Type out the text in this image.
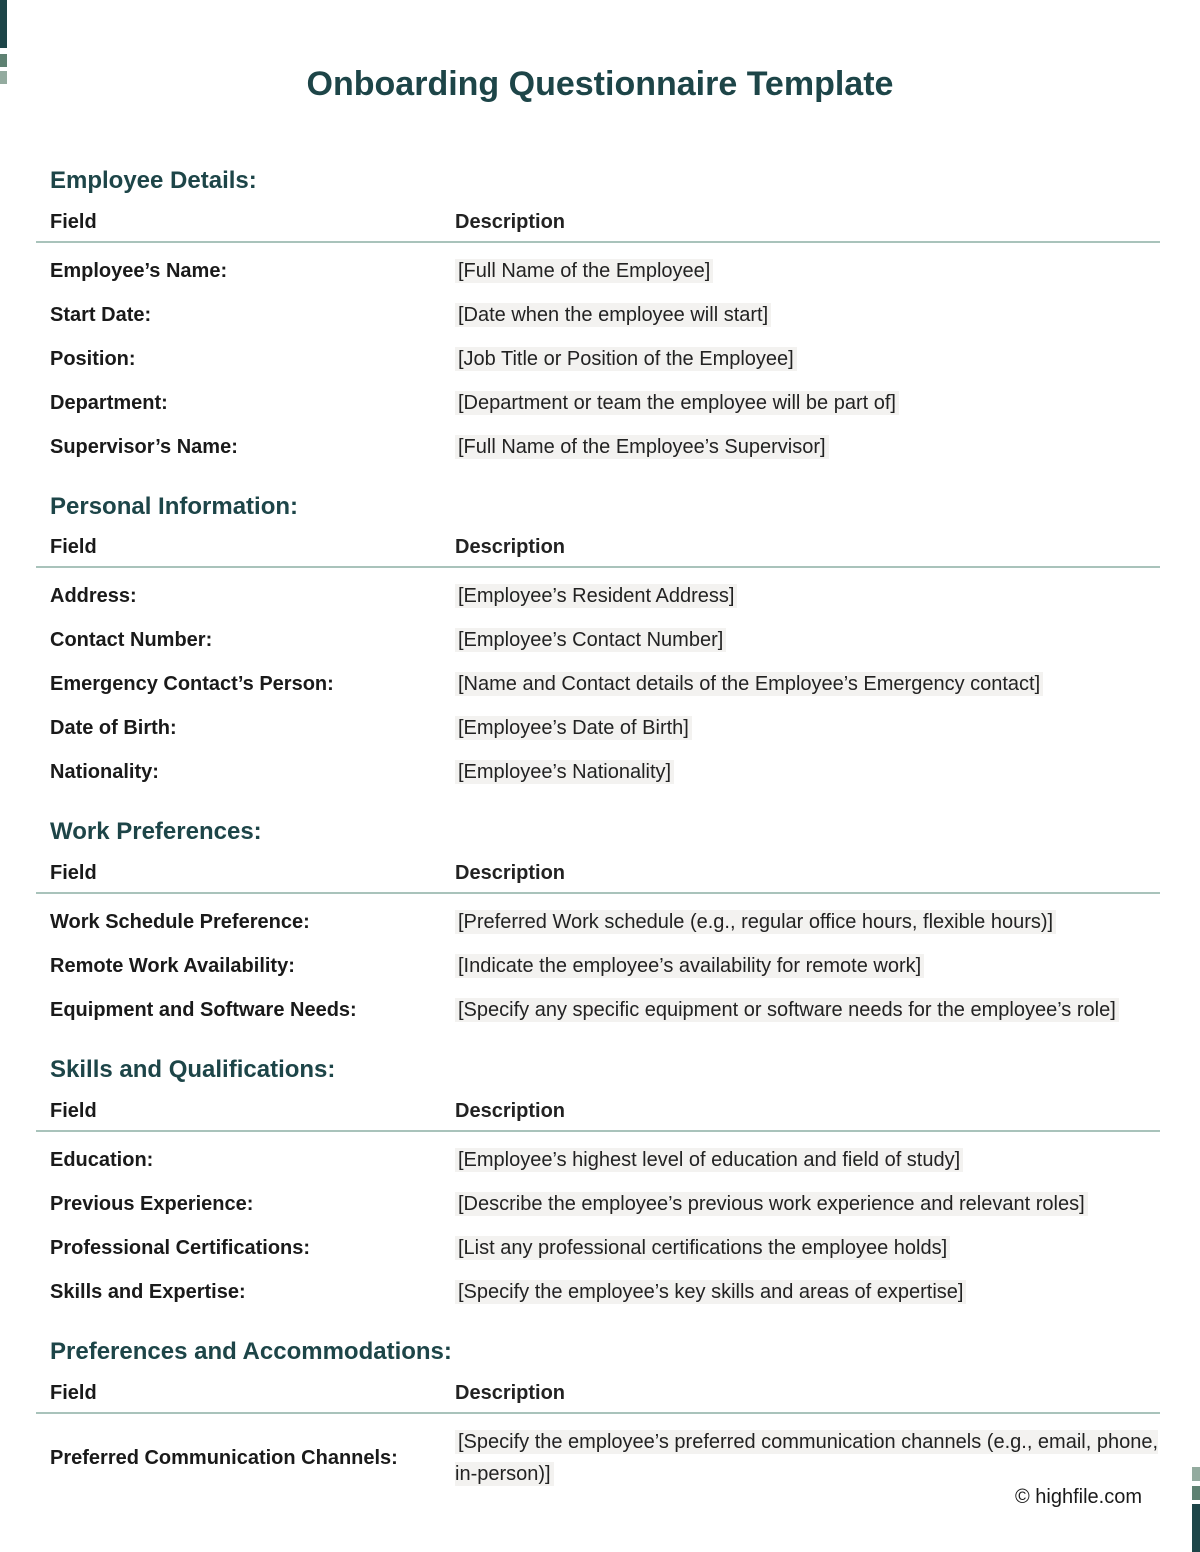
Onboarding Questionnaire Template
Employee Details:
Field	Description
Employee’s Name:	[Full Name of the Employee]
Start Date:	[Date when the employee will start]
Position:	[Job Title or Position of the Employee]
Department:	[Department or team the employee will be part of]
Supervisor’s Name:	[Full Name of the Employee’s Supervisor]
Personal Information:
Field	Description
Address:	[Employee’s Resident Address]
Contact Number:	[Employee’s Contact Number]
Emergency Contact’s Person:	[Name and Contact details of the Employee’s Emergency contact]
Date of Birth:	[Employee’s Date of Birth]
Nationality:	[Employee’s Nationality]
Work Preferences:
Field	Description
Work Schedule Preference:	[Preferred Work schedule (e.g., regular office hours, flexible hours)]
Remote Work Availability:	[Indicate the employee’s availability for remote work]
Equipment and Software Needs:	[Specify any specific equipment or software needs for the employee’s role]
Skills and Qualifications:
Field	Description
Education:	[Employee’s highest level of education and field of study]
Previous Experience:	[Describe the employee’s previous work experience and relevant roles]
Professional Certifications:	[List any professional certifications the employee holds]
Skills and Expertise:	[Specify the employee’s key skills and areas of expertise]
Preferences and Accommodations:
Field	Description
Preferred Communication Channels:
[Specify the employee’s preferred communication channels (e.g., email, phone, in-person)]
© highfile.com
